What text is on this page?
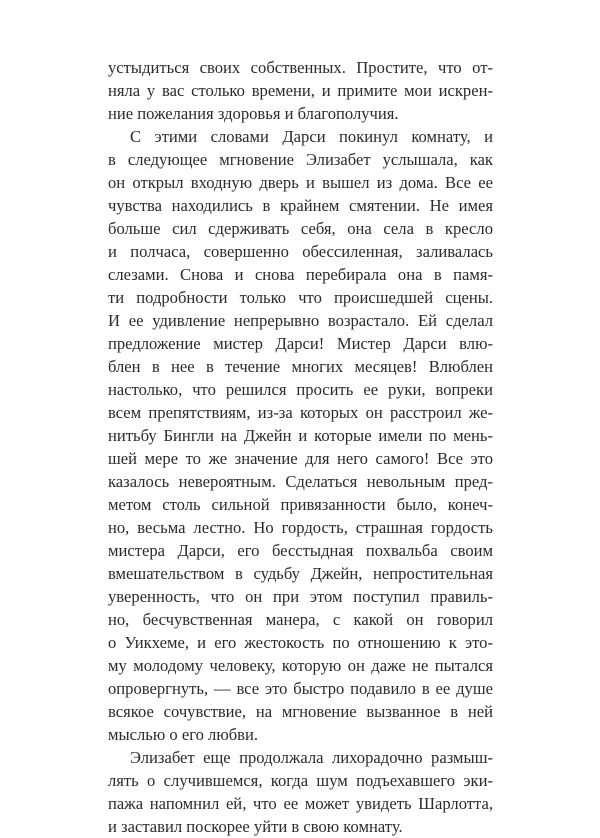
устыдиться своих собственных. Простите, что от-
няла у вас столько времени, и примите мои искрен-
ние пожелания здоровья и благополучия.
С этими словами Дарси покинул комнату, и
в следующее мгновение Элизабет услышала, как
он открыл входную дверь и вышел из дома. Все ее
чувства находились в крайнем смятении. Не имея
больше сил сдерживать себя, она села в кресло
и полчаса, совершенно обессиленная, заливалась
слезами. Снова и снова перебирала она в памя-
ти подробности только что происшедшей сцены.
И ее удивление непрерывно возрастало. Ей сделал
предложение мистер Дарси! Мистер Дарси влю-
блен в нее в течение многих месяцев! Влюблен
настолько, что решился просить ее руки, вопреки
всем препятствиям, из-за которых он расстроил же-
нитьбу Бингли на Джейн и которые имели по мень-
шей мере то же значение для него самого! Все это
казалось невероятным. Сделаться невольным пред-
метом столь сильной привязанности было, конеч-
но, весьма лестно. Но гордость, страшная гордость
мистера Дарси, его бесстыдная похвальба своим
вмешательством в судьбу Джейн, непростительная
уверенность, что он при этом поступил правиль-
но, бесчувственная манера, с какой он говорил
о Уикхеме, и его жестокость по отношению к это-
му молодому человеку, которую он даже не пытался
опровергнуть, — все это быстро подавило в ее душе
всякое сочувствие, на мгновение вызванное в ней
мыслью о его любви.
Элизабет еще продолжала лихорадочно размыш-
лять о случившемся, когда шум подъехавшего эки-
пажа напомнил ей, что ее может увидеть Шарлотта,
и заставил поскорее уйти в свою комнату.
